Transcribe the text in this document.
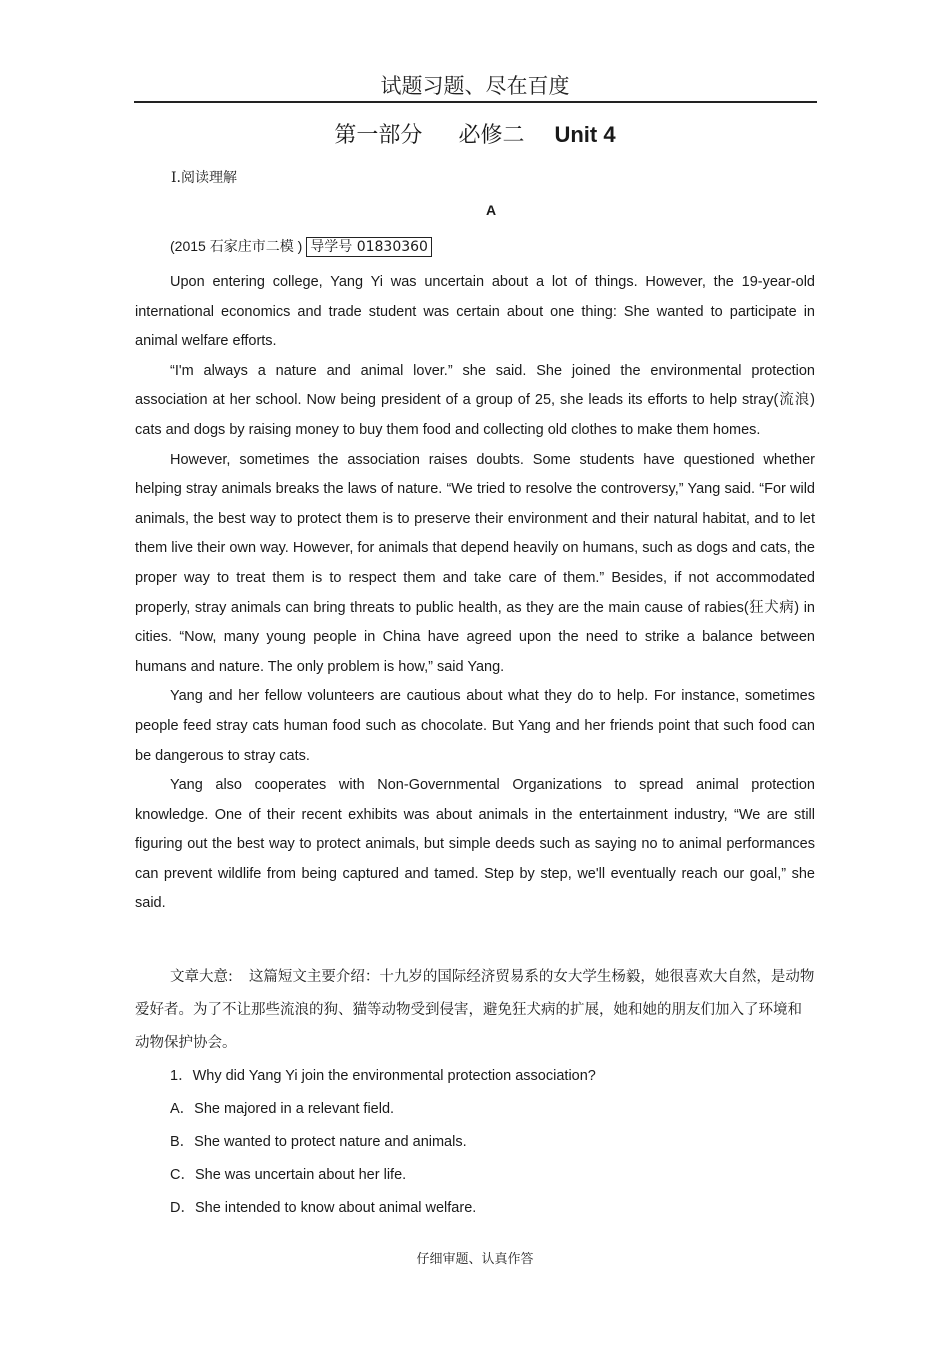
试题习题、尽在百度
第一部分 必修二 Unit 4
Ⅰ.阅读理解
A
(2015 石家庄市二模 ) 导学号 01830360

Upon entering college, Yang Yi was uncertain about a lot of things. However, the 19-year-old international economics and trade student was certain about one thing: She wanted to participate in animal welfare efforts.

“I'm always a nature and animal lover.” she said. She joined the environmental protection association at her school. Now being president of a group of 25, she leads its efforts to help stray(流浪) cats and dogs by raising money to buy them food and collecting old clothes to make them homes.

However, sometimes the association raises doubts. Some students have questioned whether helping stray animals breaks the laws of nature. “We tried to resolve the controversy,” Yang said. “For wild animals, the best way to protect them is to preserve their environment and their natural habitat, and to let them live their own way. However, for animals that depend heavily on humans, such as dogs and cats, the proper way to treat them is to respect them and take care of them.” Besides, if not accommodated properly, stray animals can bring threats to public health, as they are the main cause of rabies(狂犬病) in cities. “Now, many young people in China have agreed upon the need to strike a balance between humans and nature. The only problem is how,” said Yang.

Yang and her fellow volunteers are cautious about what they do to help. For instance, sometimes people feed stray cats human food such as chocolate. But Yang and her friends point that such food can be dangerous to stray cats.

Yang also cooperates with Non-Governmental Organizations to spread animal protection knowledge. One of their recent exhibits was about animals in the entertainment industry, “We are still figuring out the best way to protect animals, but simple deeds such as saying no to animal performances can prevent wildlife from being captured and tamed. Step by step, we'll eventually reach our goal,” she said.

文章大意: 这篇短文主要介绍：十九岁的国际经济贸易系的女大学生杨毅，她很喜欢大自然，是动物爱好者。为了不让那些流浪的狗、猫等动物受到侵害，避免狂犬病的扩展，她和她的朋友们加入了环境和动物保护协会。

1．Why did Yang Yi join the environmental protection association?
A．She majored in a relevant field.
B．She wanted to protect nature and animals.
C．She was uncertain about her life.
D．She intended to know about animal welfare.
仔细审题、认真作答
